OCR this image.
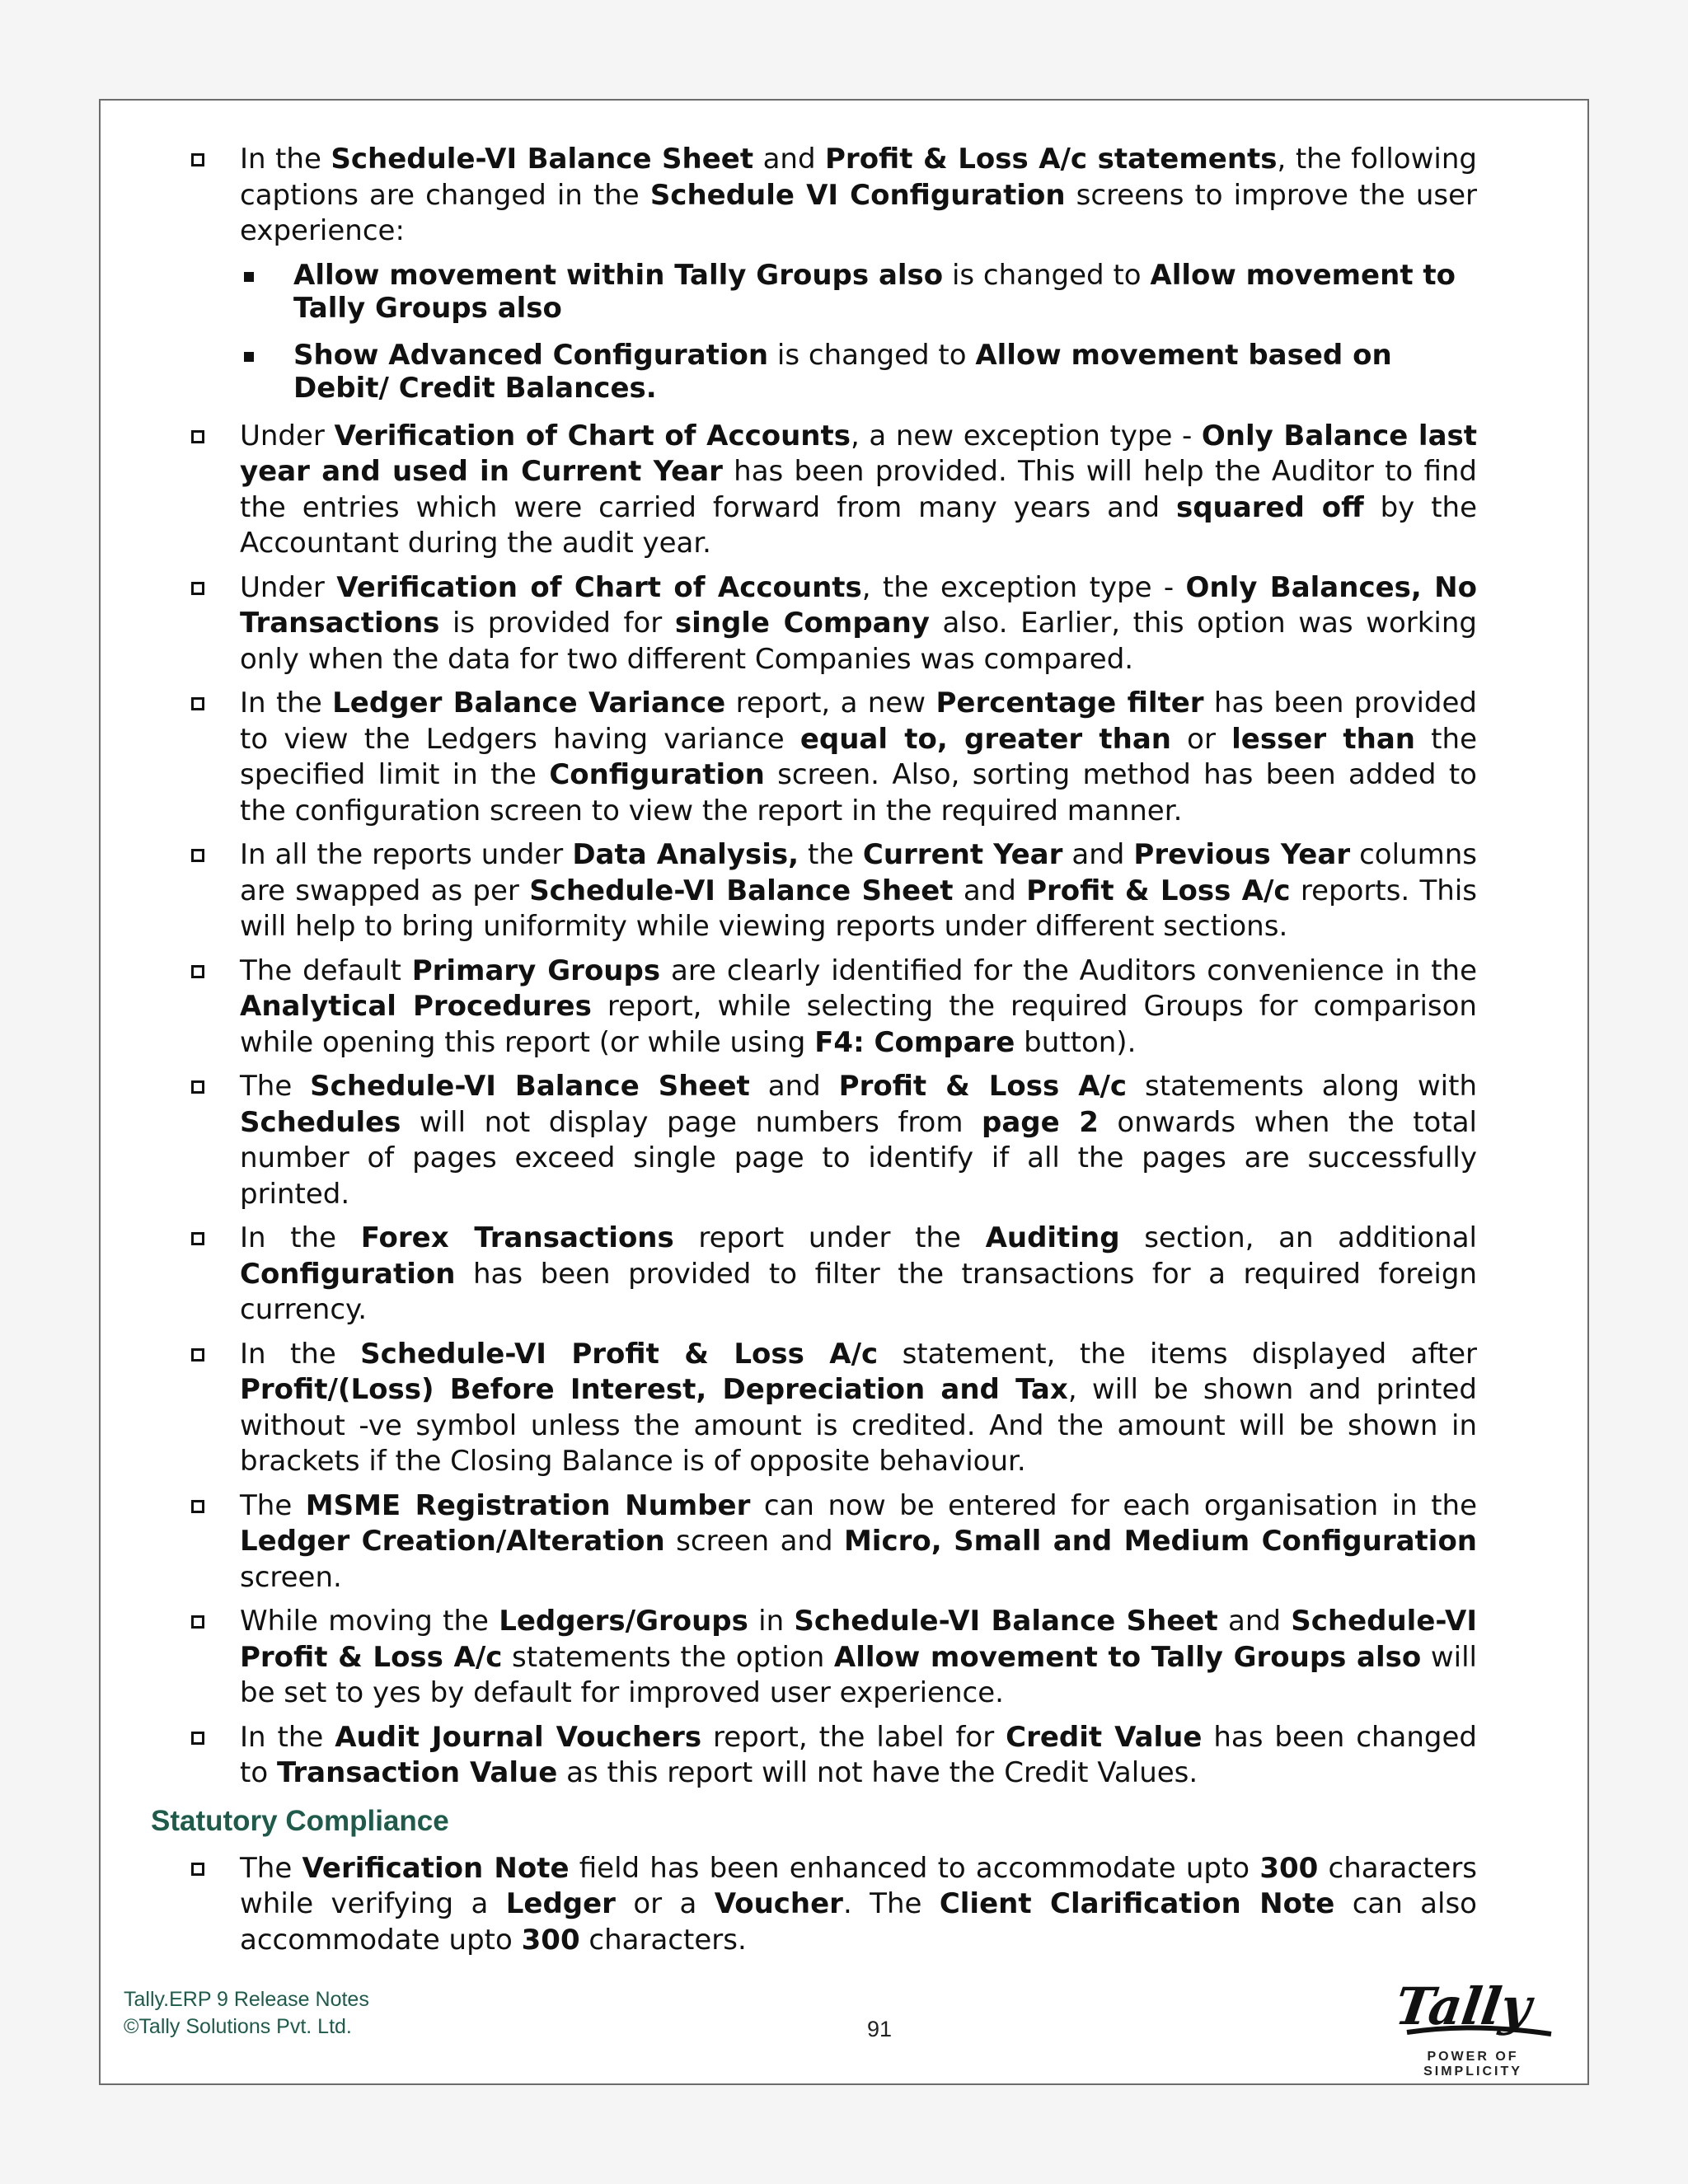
In the Schedule-VI Balance Sheet and Profit & Loss A/c statements, the following captions are changed in the Schedule VI Configuration screens to improve the user experience:
Allow movement within Tally Groups also is changed to Allow movement to Tally Groups also
Show Advanced Configuration is changed to Allow movement based on Debit/ Credit Balances.
Under Verification of Chart of Accounts, a new exception type - Only Balance last year and used in Current Year has been provided. This will help the Auditor to find the entries which were carried forward from many years and squared off by the Accountant during the audit year.
Under Verification of Chart of Accounts, the exception type - Only Balances, No Transactions is provided for single Company also. Earlier, this option was working only when the data for two different Companies was compared.
In the Ledger Balance Variance report, a new Percentage filter has been provided to view the Ledgers having variance equal to, greater than or lesser than the specified limit in the Configuration screen. Also, sorting method has been added to the configuration screen to view the report in the required manner.
In all the reports under Data Analysis, the Current Year and Previous Year columns are swapped as per Schedule-VI Balance Sheet and Profit & Loss A/c reports. This will help to bring uniformity while viewing reports under different sections.
The default Primary Groups are clearly identified for the Auditors convenience in the Analytical Procedures report, while selecting the required Groups for comparison while opening this report (or while using F4: Compare button).
The Schedule-VI Balance Sheet and Profit & Loss A/c statements along with Schedules will not display page numbers from page 2 onwards when the total number of pages exceed single page to identify if all the pages are successfully printed.
In the Forex Transactions report under the Auditing section, an additional Configuration has been provided to filter the transactions for a required foreign currency.
In the Schedule-VI Profit & Loss A/c statement, the items displayed after Profit/(Loss) Before Interest, Depreciation and Tax, will be shown and printed without -ve symbol unless the amount is credited. And the amount will be shown in brackets if the Closing Balance is of opposite behaviour.
The MSME Registration Number can now be entered for each organisation in the Ledger Creation/Alteration screen and Micro, Small and Medium Configuration screen.
While moving the Ledgers/Groups in Schedule-VI Balance Sheet and Schedule-VI Profit & Loss A/c statements the option Allow movement to Tally Groups also will be set to yes by default for improved user experience.
In the Audit Journal Vouchers report, the label for Credit Value has been changed to Transaction Value as this report will not have the Credit Values.
Statutory Compliance
The Verification Note field has been enhanced to accommodate upto 300 characters while verifying a Ledger or a Voucher. The Client Clarification Note can also accommodate upto 300 characters.
Tally.ERP 9 Release Notes
©Tally Solutions Pvt. Ltd.	91	Tally
POWER OF SIMPLICITY
